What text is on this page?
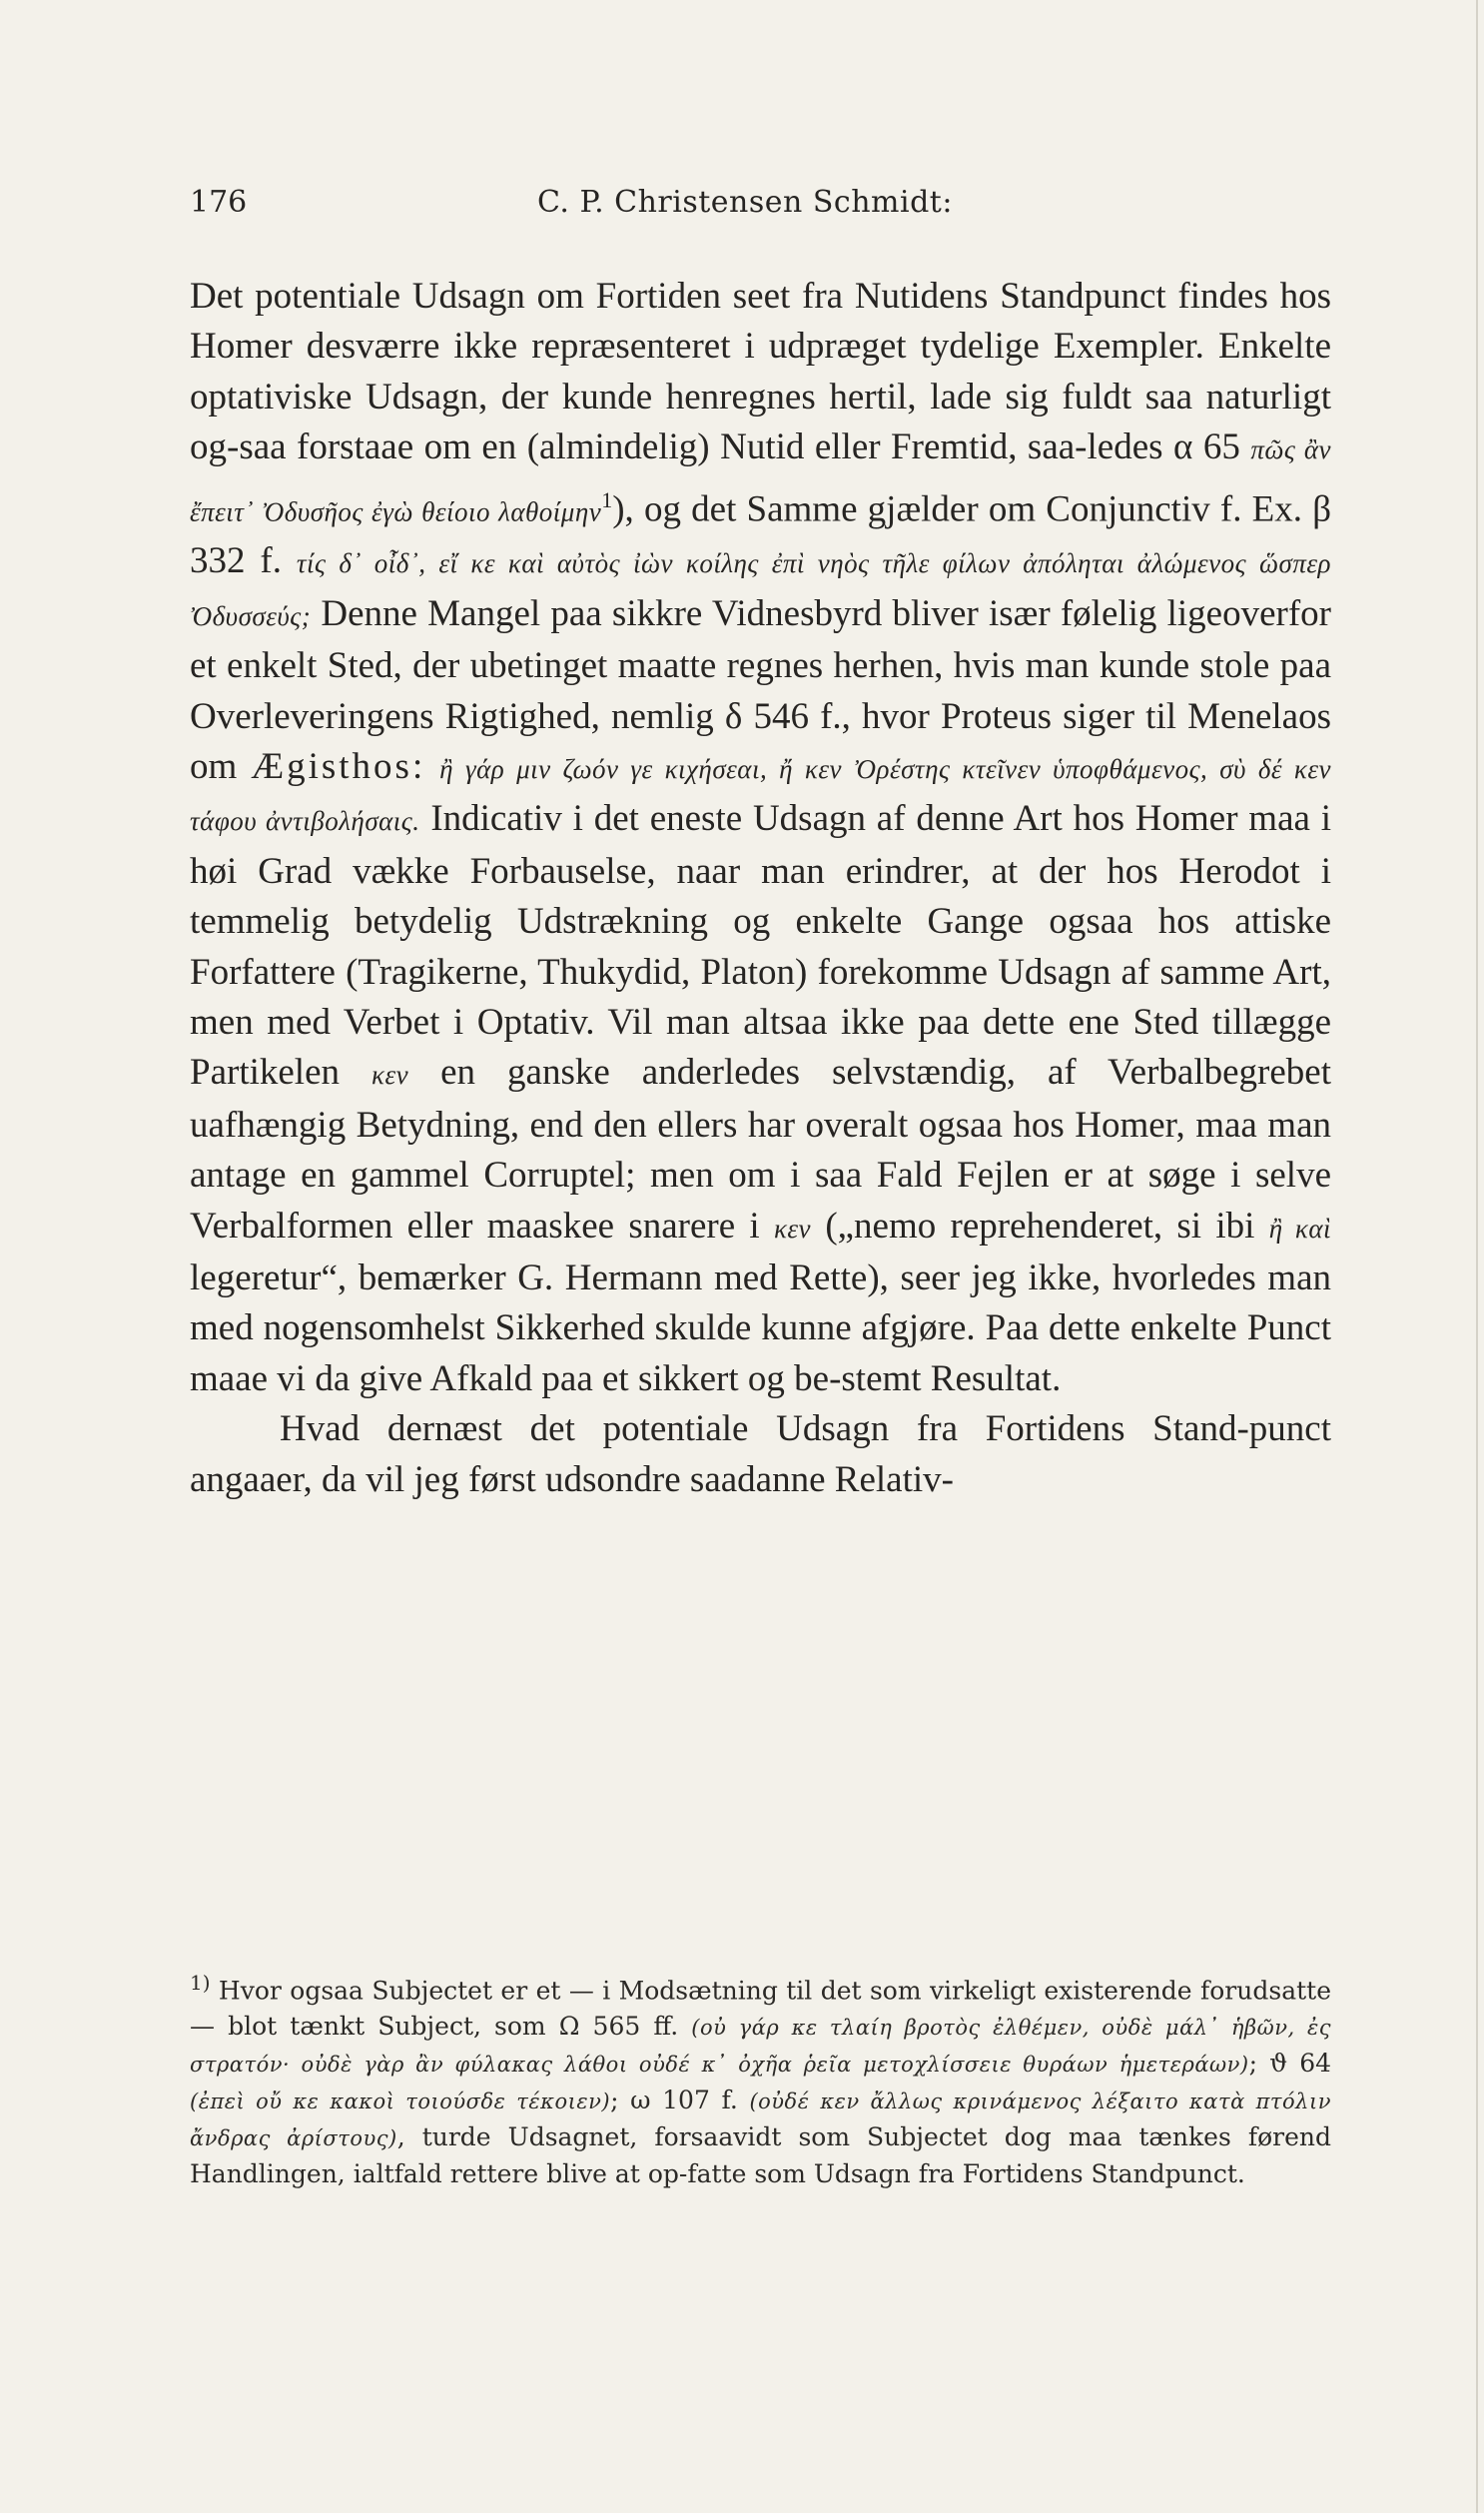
176	C. P. Christensen Schmidt:

Det potentiale Udsagn om Fortiden seet fra Nutidens Standpunct findes hos Homer desværre ikke repræsenteret i udpræget tydelige Exempler. Enkelte optativiske Udsagn, der kunde henregnes hertil, lade sig fuldt saa naturligt og-saa forstaae om en (almindelig) Nutid eller Fremtid, saa-ledes α 65 πῶς ἂν ἔπειτ᾽ Ὀδυσῆος ἐγὼ θείοιο λαθοίμην$^1$), og det Samme gjælder om Conjunctiv f. Ex. β 332 f. τίς δ᾽ οἶδ᾽, εἴ κε καὶ αὐτὸς ἰὼν κοίλης ἐπὶ νηὸς τῆλε φίλων ἀπόληται ἀλώμενος ὥσπερ Ὀδυσσεύς; Denne Mangel paa sikkre Vidnesbyrd bliver især følelig ligeoverfor et enkelt Sted, der ubetinget maatte regnes herhen, hvis man kunde stole paa Overleveringens Rigtighed, nemlig δ 546 f., hvor Proteus siger til Menelaos om Ægisthos: ἢ γάρ μιν ζωόν γε κιχήσεαι, ἤ κεν Ὀρέστης κτεῖνεν ὑποφθάμενος, σὺ δέ κεν τάφου ἀντιβολήσαις. Indicativ i det eneste Udsagn af denne Art hos Homer maa i høi Grad vække Forbauselse, naar man erindrer, at der hos Herodot i temmelig betydelig Udstrækning og enkelte Gange ogsaa hos attiske Forfattere (Tragikerne, Thukydid, Platon) forekomme Udsagn af samme Art, men med Verbet i Optativ. Vil man altsaa ikke paa dette ene Sted tillægge Partikelen κεν en ganske anderledes selvstændig, af Verbalbegrebet uafhængig Betydning, end den ellers har overalt ogsaa hos Homer, maa man antage en gammel Corruptel; men om i saa Fald Fejlen er at søge i selve Verbalformen eller maaskee snarere i κεν („nemo reprehenderet, si ibi ἢ καὶ legeretur“, bemærker G. Hermann med Rette), seer jeg ikke, hvorledes man med nogensomhelst Sikkerhed skulde kunne afgjøre. Paa dette enkelte Punct maae vi da give Afkald paa et sikkert og be-stemt Resultat.

Hvad dernæst det potentiale Udsagn fra Fortidens Stand-punct angaaer, da vil jeg først udsondre saadanne Relativ-

$^{1)}$ Hvor ogsaa Subjectet er et — i Modsætning til det som virkeligt existerende forudsatte — blot tænkt Subject, som Ω 565 ff. (οὐ γάρ κε τλαίη βροτὸς ἐλθέμεν, οὐδὲ μάλ᾽ ἡβῶν, ἐς στρατόν· οὐδὲ γὰρ ἂν φύλακας λάθοι οὐδέ κ᾽ ὀχῆα ῥεῖα μετοχλίσσειε θυράων ἡμετεράων); ϑ 64 (ἐπεὶ οὔ κε κακοὶ τοιούσδε τέκοιεν); ω 107 f. (οὐδέ κεν ἄλλως κρινάμενος λέξαιτο κατὰ πτόλιν ἄνδρας ἀρίστους), turde Udsagnet, forsaavidt som Subjectet dog maa tænkes førend Handlingen, ialtfald rettere blive at op-fatte som Udsagn fra Fortidens Standpunct.
